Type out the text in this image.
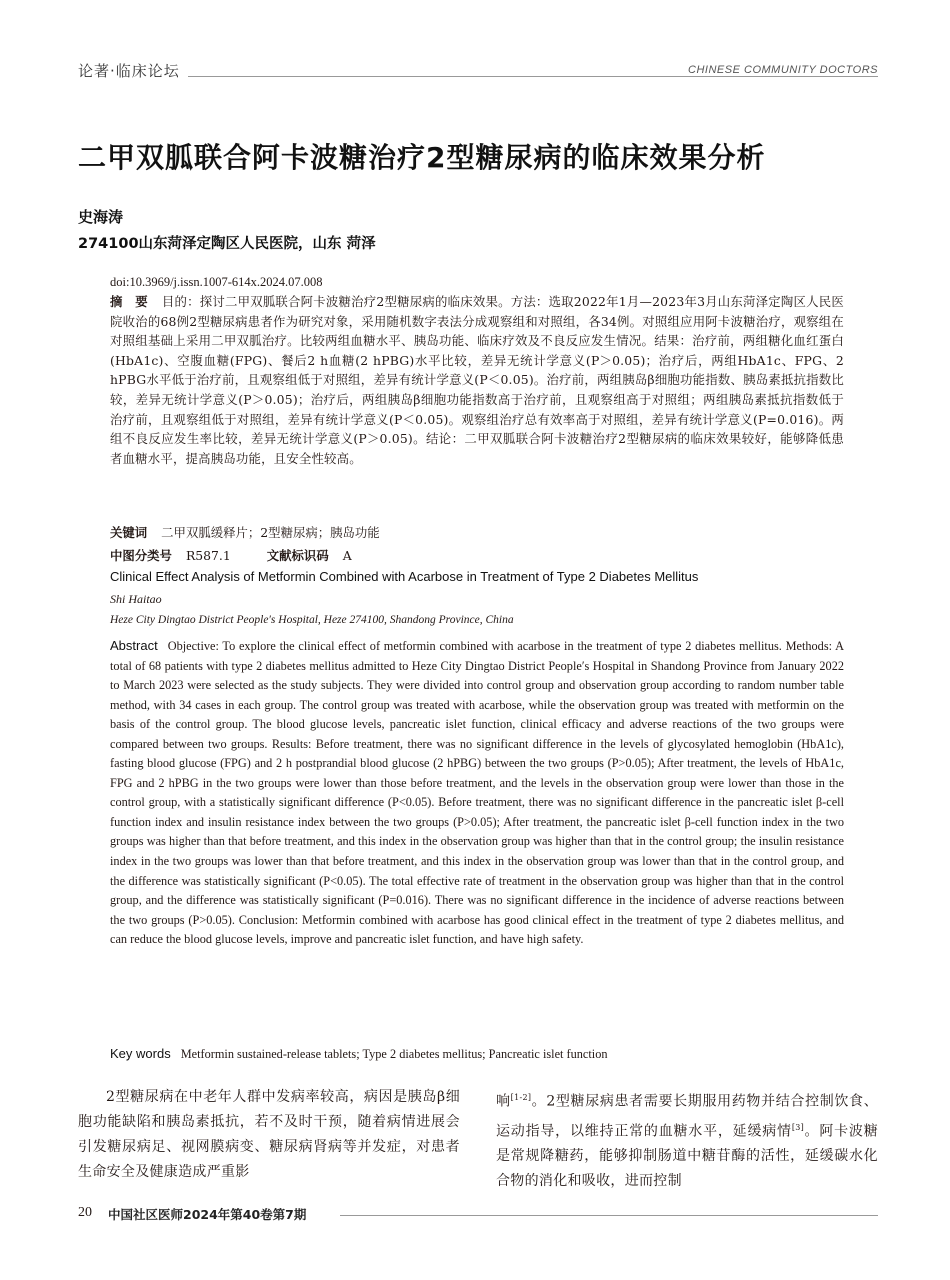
论著·临床论坛	CHINESE COMMUNITY DOCTORS
二甲双胍联合阿卡波糖治疗2型糖尿病的临床效果分析
史海涛
274100山东菏泽定陶区人民医院，山东 菏泽
doi:10.3969/j.issn.1007-614x.2024.07.008
摘　要 目的：探讨二甲双胍联合阿卡波糖治疗2型糖尿病的临床效果。方法：选取2022年1月—2023年3月山东菏泽定陶区人民医院收治的68例2型糖尿病患者作为研究对象，采用随机数字表法分成观察组和对照组，各34例。对照组应用阿卡波糖治疗，观察组在对照组基础上采用二甲双胍治疗。比较两组血糖水平、胰岛功能、临床疗效及不良反应发生情况。结果：治疗前，两组糖化血红蛋白(HbA1c)、空腹血糖(FPG)、餐后2 h血糖(2 hPBG)水平比较，差异无统计学意义(P＞0.05)；治疗后，两组HbA1c、FPG、2 hPBG水平低于治疗前，且观察组低于对照组，差异有统计学意义(P＜0.05)。治疗前，两组胰岛β细胞功能指数、胰岛素抵抗指数比较，差异无统计学意义(P＞0.05)；治疗后，两组胰岛β细胞功能指数高于治疗前，且观察组高于对照组；两组胰岛素抵抗指数低于治疗前，且观察组低于对照组，差异有统计学意义(P＜0.05)。观察组治疗总有效率高于对照组，差异有统计学意义(P=0.016)。两组不良反应发生率比较，差异无统计学意义(P＞0.05)。结论：二甲双胍联合阿卡波糖治疗2型糖尿病的临床效果较好，能够降低患者血糖水平，提高胰岛功能，且安全性较高。
关键词 二甲双胍缓释片；2型糖尿病；胰岛功能
中图分类号 R587.1	文献标识码 A
Clinical Effect Analysis of Metformin Combined with Acarbose in Treatment of Type 2 Diabetes Mellitus
Shi Haitao
Heze City Dingtao District People′s Hospital, Heze 274100, Shandong Province, China
Abstract Objective: To explore the clinical effect of metformin combined with acarbose in the treatment of type 2 diabetes mellitus. Methods: A total of 68 patients with type 2 diabetes mellitus admitted to Heze City Dingtao District People′s Hospital in Shandong Province from January 2022 to March 2023 were selected as the study subjects. They were divided into control group and observation group according to random number table method, with 34 cases in each group. The control group was treated with acarbose, while the observation group was treated with metformin on the basis of the control group. The blood glucose levels, pancreatic islet function, clinical efficacy and adverse reactions of the two groups were compared between two groups. Results: Before treatment, there was no significant difference in the levels of glycosylated hemoglobin (HbA1c), fasting blood glucose (FPG) and 2 h postprandial blood glucose (2 hPBG) between the two groups (P>0.05); After treatment, the levels of HbA1c, FPG and 2 hPBG in the two groups were lower than those before treatment, and the levels in the observation group were lower than those in the control group, with a statistically significant difference (P<0.05). Before treatment, there was no significant difference in the pancreatic islet β-cell function index and insulin resistance index between the two groups (P>0.05); After treatment, the pancreatic islet β-cell function index in the two groups was higher than that before treatment, and this index in the observation group was higher than that in the control group; the insulin resistance index in the two groups was lower than that before treatment, and this index in the observation group was lower than that in the control group, and the difference was statistically significant (P<0.05). The total effective rate of treatment in the observation group was higher than that in the control group, and the difference was statistically significant (P=0.016). There was no significant difference in the incidence of adverse reactions between the two groups (P>0.05). Conclusion: Metformin combined with acarbose has good clinical effect in the treatment of type 2 diabetes mellitus, and can reduce the blood glucose levels, improve and pancreatic islet function, and have high safety.
Key words Metformin sustained-release tablets; Type 2 diabetes mellitus; Pancreatic islet function
2型糖尿病在中老年人群中发病率较高，病因是胰岛β细胞功能缺陷和胰岛素抵抗，若不及时干预，随着病情进展会引发糖尿病足、视网膜病变、糖尿病肾病等并发症，对患者生命安全及健康造成严重影
响[1-2]。2型糖尿病患者需要长期服用药物并结合控制饮食、运动指导，以维持正常的血糖水平，延缓病情[3]。阿卡波糖是常规降糖药，能够抑制肠道中糖苷酶的活性，延缓碳水化合物的消化和吸收，进而控制
20 中国社区医师2024年第40卷第7期
